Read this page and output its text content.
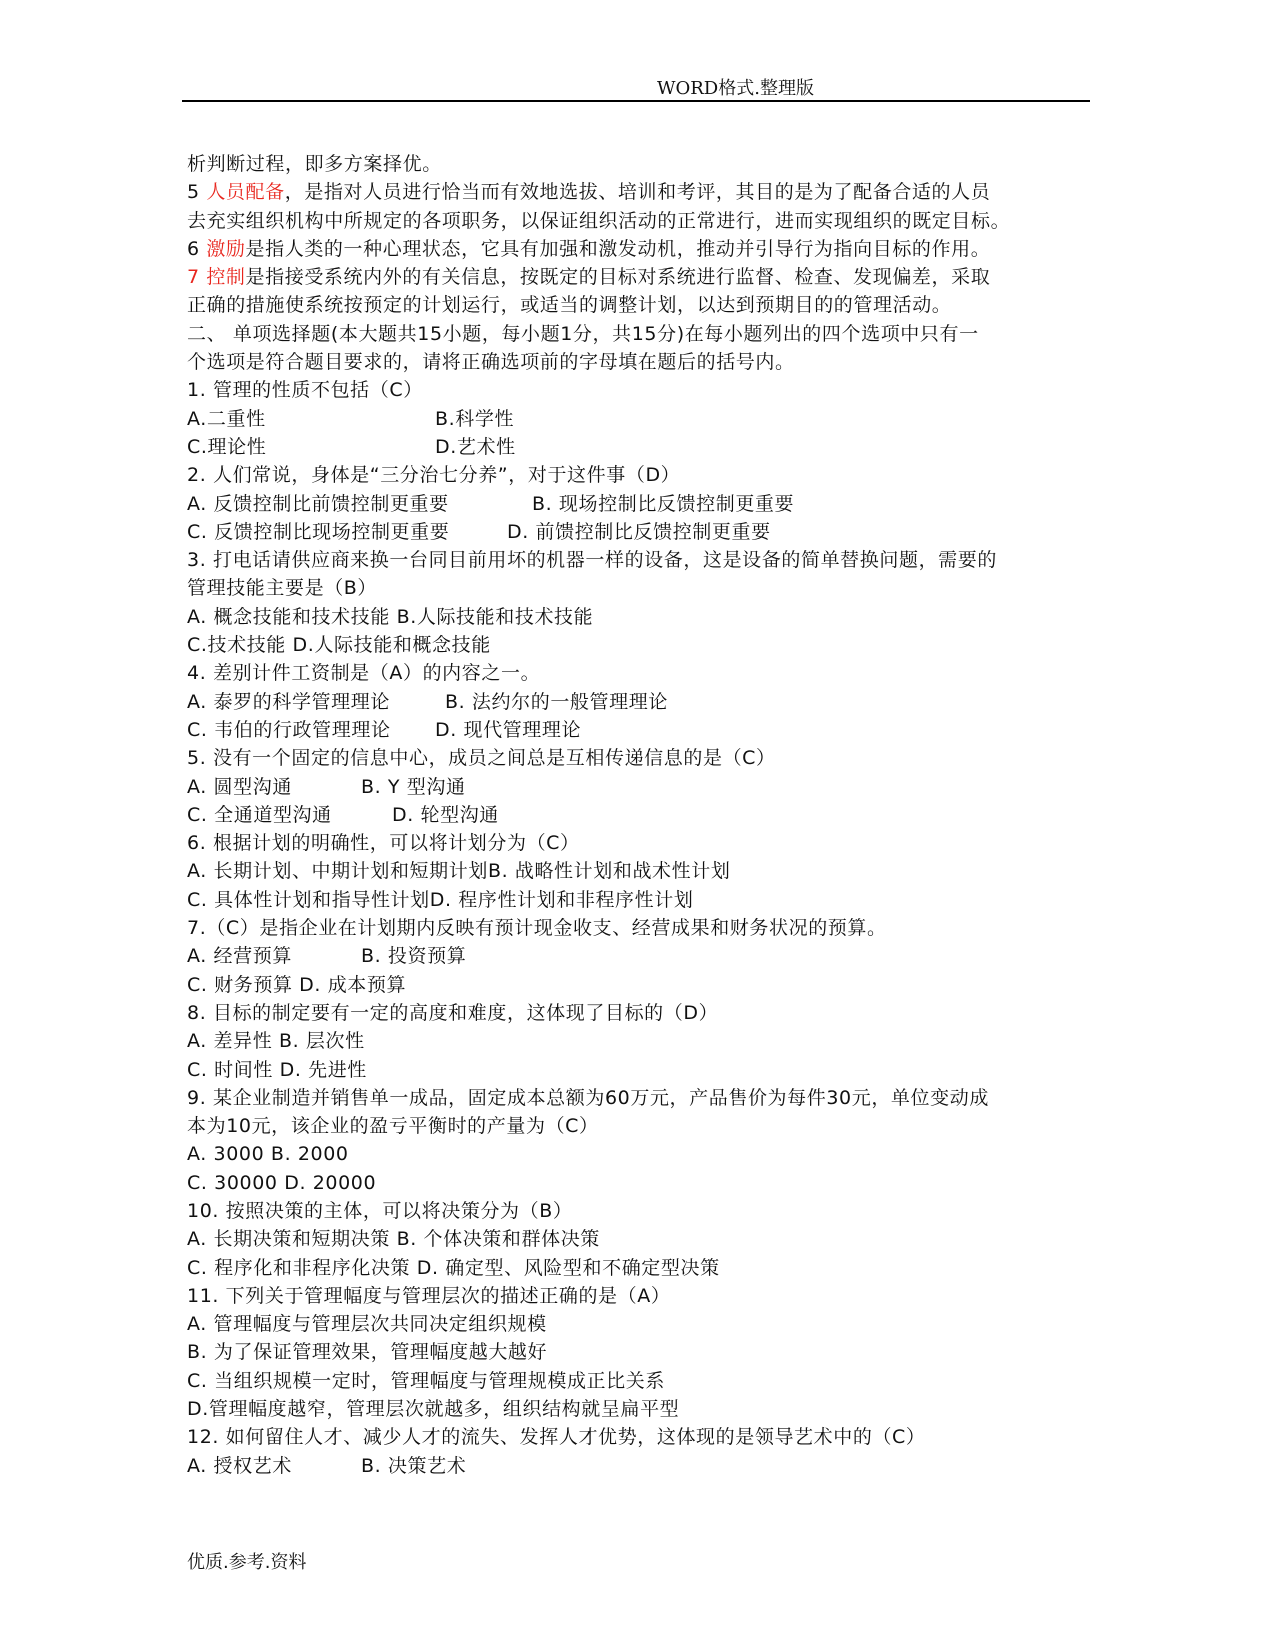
WORD格式.整理版
析判断过程，即多方案择优。
5 人员配备，是指对人员进行恰当而有效地选拔、培训和考评，其目的是为了配备合适的人员
去充实组织机构中所规定的各项职务，以保证组织活动的正常进行，进而实现组织的既定目标。
6 激励是指人类的一种心理状态，它具有加强和激发动机，推动并引导行为指向目标的作用。
7 控制是指接受系统内外的有关信息，按既定的目标对系统进行监督、检查、发现偏差，采取
正确的措施使系统按预定的计划运行，或适当的调整计划，以达到预期目的的管理活动。
二、 单项选择题(本大题共15小题，每小题1分，共15分)在每小题列出的四个选项中只有一
个选项是符合题目要求的，请将正确选项前的字母填在题后的括号内。
1. 管理的性质不包括（C）
A.二重性	B.科学性
C.理论性	D.艺术性
2. 人们常说，身体是“三分治七分养”，对于这件事（D）
A. 反馈控制比前馈控制更重要	B. 现场控制比反馈控制更重要
C. 反馈控制比现场控制更重要	D. 前馈控制比反馈控制更重要
3. 打电话请供应商来换一台同目前用坏的机器一样的设备，这是设备的简单替换问题，需要的
管理技能主要是（B）
A. 概念技能和技术技能 B.人际技能和技术技能
C.技术技能 D.人际技能和概念技能
4. 差别计件工资制是（A）的内容之一。
A. 泰罗的科学管理理论	B. 法约尔的一般管理理论
C. 韦伯的行政管理理论	D. 现代管理理论
5. 没有一个固定的信息中心，成员之间总是互相传递信息的是（C）
A. 圆型沟通	B. Y 型沟通
C. 全通道型沟通	D. 轮型沟通
6. 根据计划的明确性，可以将计划分为（C）
A. 长期计划、中期计划和短期计划B. 战略性计划和战术性计划
C. 具体性计划和指导性计划D. 程序性计划和非程序性计划
7.（C）是指企业在计划期内反映有预计现金收支、经营成果和财务状况的预算。
A. 经营预算	B. 投资预算
C. 财务预算 D. 成本预算
8. 目标的制定要有一定的高度和难度，这体现了目标的（D）
A. 差异性 B. 层次性
C. 时间性 D. 先进性
9. 某企业制造并销售单一成品，固定成本总额为60万元，产品售价为每件30元，单位变动成
本为10元，该企业的盈亏平衡时的产量为（C）
A. 3000 B. 2000
C. 30000 D. 20000
10. 按照决策的主体，可以将决策分为（B）
A. 长期决策和短期决策 B. 个体决策和群体决策
C. 程序化和非程序化决策 D. 确定型、风险型和不确定型决策
11. 下列关于管理幅度与管理层次的描述正确的是（A）
A. 管理幅度与管理层次共同决定组织规模
B. 为了保证管理效果，管理幅度越大越好
C. 当组织规模一定时，管理幅度与管理规模成正比关系
D.管理幅度越窄，管理层次就越多，组织结构就呈扁平型
12. 如何留住人才、减少人才的流失、发挥人才优势，这体现的是领导艺术中的（C）
A. 授权艺术	B. 决策艺术
优质.参考.资料
